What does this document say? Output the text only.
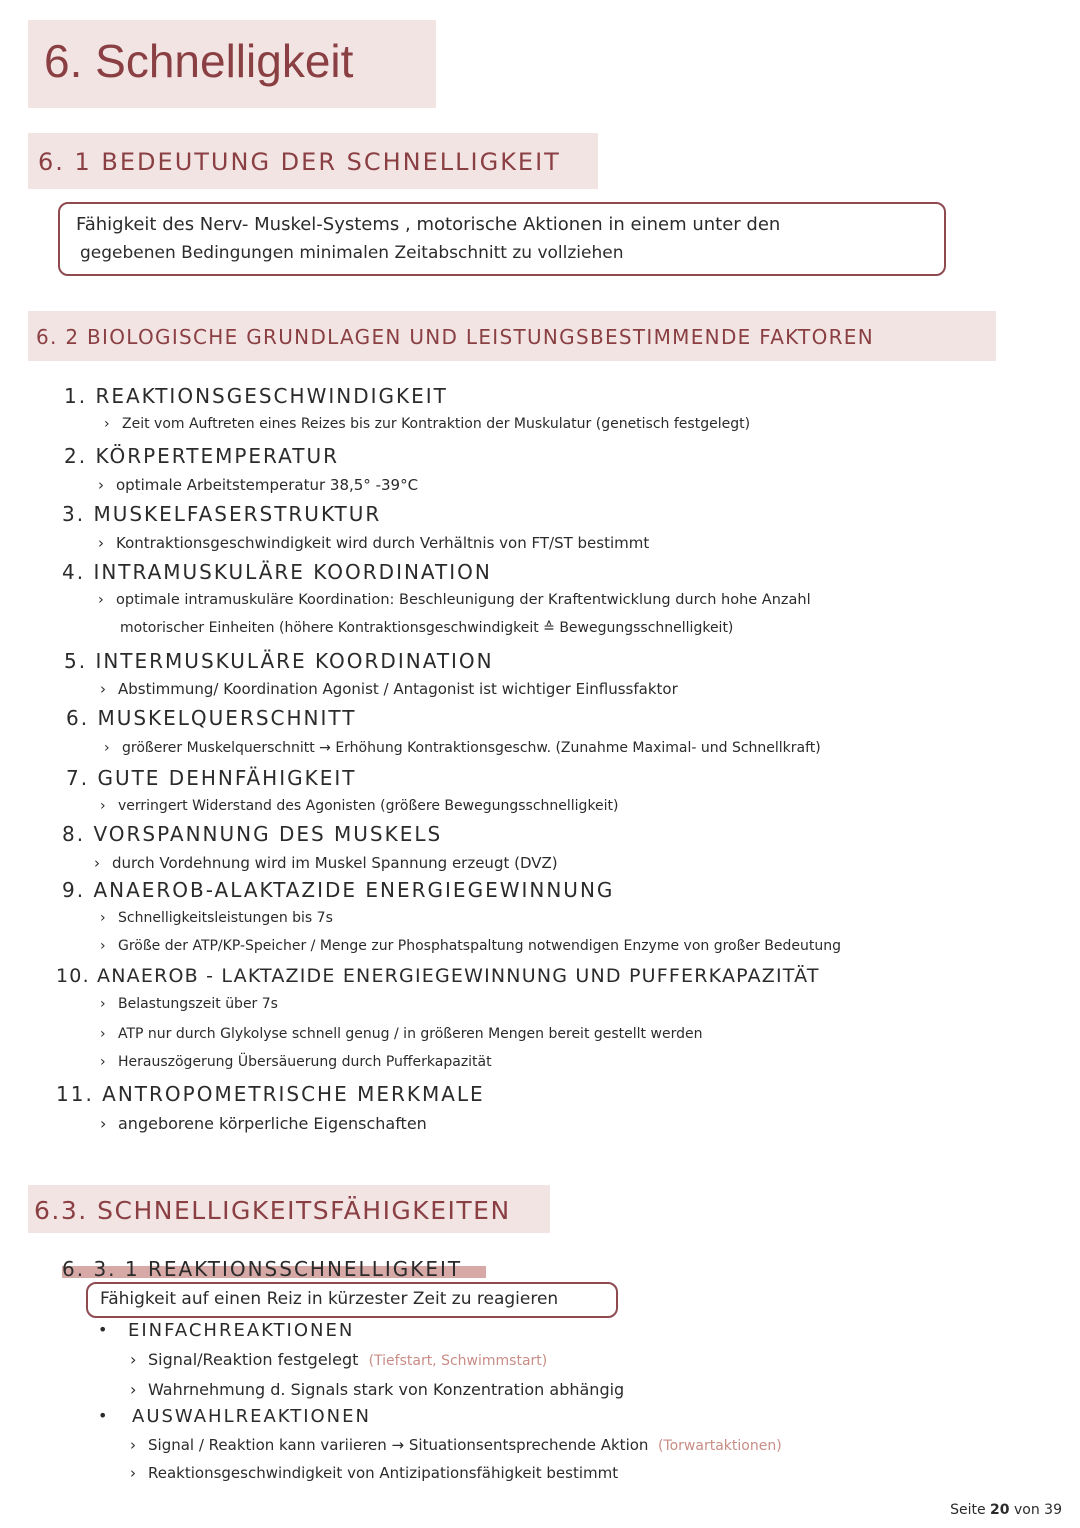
6. Schnelligkeit
6. 1 BEDEUTUNG DER SCHNELLIGKEIT
Fähigkeit des Nerv- Muskel-Systems , motorische Aktionen in einem unter den
gegebenen Bedingungen minimalen Zeitabschnitt zu vollziehen
6. 2 BIOLOGISCHE GRUNDLAGEN UND LEISTUNGSBESTIMMENDE FAKTOREN
1. REAKTIONSGESCHWINDIGKEIT
› Zeit vom Auftreten eines Reizes bis zur Kontraktion der Muskulatur (genetisch festgelegt)
2. KÖRPERTEMPERATUR
› optimale Arbeitstemperatur 38,5° -39°C
3. MUSKELFASERSTRUKTUR
› Kontraktionsgeschwindigkeit wird durch Verhältnis von FT/ST bestimmt
4. INTRAMUSKULÄRE KOORDINATION
› optimale intramuskuläre Koordination: Beschleunigung der Kraftentwicklung durch hohe Anzahl
motorischer Einheiten (höhere Kontraktionsgeschwindigkeit ≙ Bewegungsschnelligkeit)
5. INTERMUSKULÄRE KOORDINATION
› Abstimmung/ Koordination Agonist / Antagonist ist wichtiger Einflussfaktor
6. MUSKELQUERSCHNITT
› größerer Muskelquerschnitt → Erhöhung Kontraktionsgeschw. (Zunahme Maximal- und Schnellkraft)
7. GUTE DEHNFÄHIGKEIT
› verringert Widerstand des Agonisten (größere Bewegungsschnelligkeit)
8. VORSPANNUNG DES MUSKELS
› durch Vordehnung wird im Muskel Spannung erzeugt (DVZ)
9. ANAEROB-ALAKTAZIDE ENERGIEGEWINNUNG
› Schnelligkeitsleistungen bis 7s
› Größe der ATP/KP-Speicher / Menge zur Phosphatspaltung notwendigen Enzyme von großer Bedeutung
10. ANAEROB - LAKTAZIDE ENERGIEGEWINNUNG UND PUFFERKAPAZITÄT
› Belastungszeit über 7s
› ATP nur durch Glykolyse schnell genug / in größeren Mengen bereit gestellt werden
› Herauszögerung Übersäuerung durch Pufferkapazität
11. ANTROPOMETRISCHE MERKMALE
› angeborene körperliche Eigenschaften
6.3. SCHNELLIGKEITSFÄHIGKEITEN
6. 3. 1 REAKTIONSSCHNELLIGKEIT
Fähigkeit auf einen Reiz in kürzester Zeit zu reagieren
• EINFACHREAKTIONEN
› Signal/Reaktion festgelegt (Tiefstart, Schwimmstart)
› Wahrnehmung d. Signals stark von Konzentration abhängig
• AUSWAHLREAKTIONEN
› Signal / Reaktion kann variieren → Situationsentsprechende Aktion (Torwartaktionen)
› Reaktionsgeschwindigkeit von Antizipationsfähigkeit bestimmt
Seite 20 von 39
